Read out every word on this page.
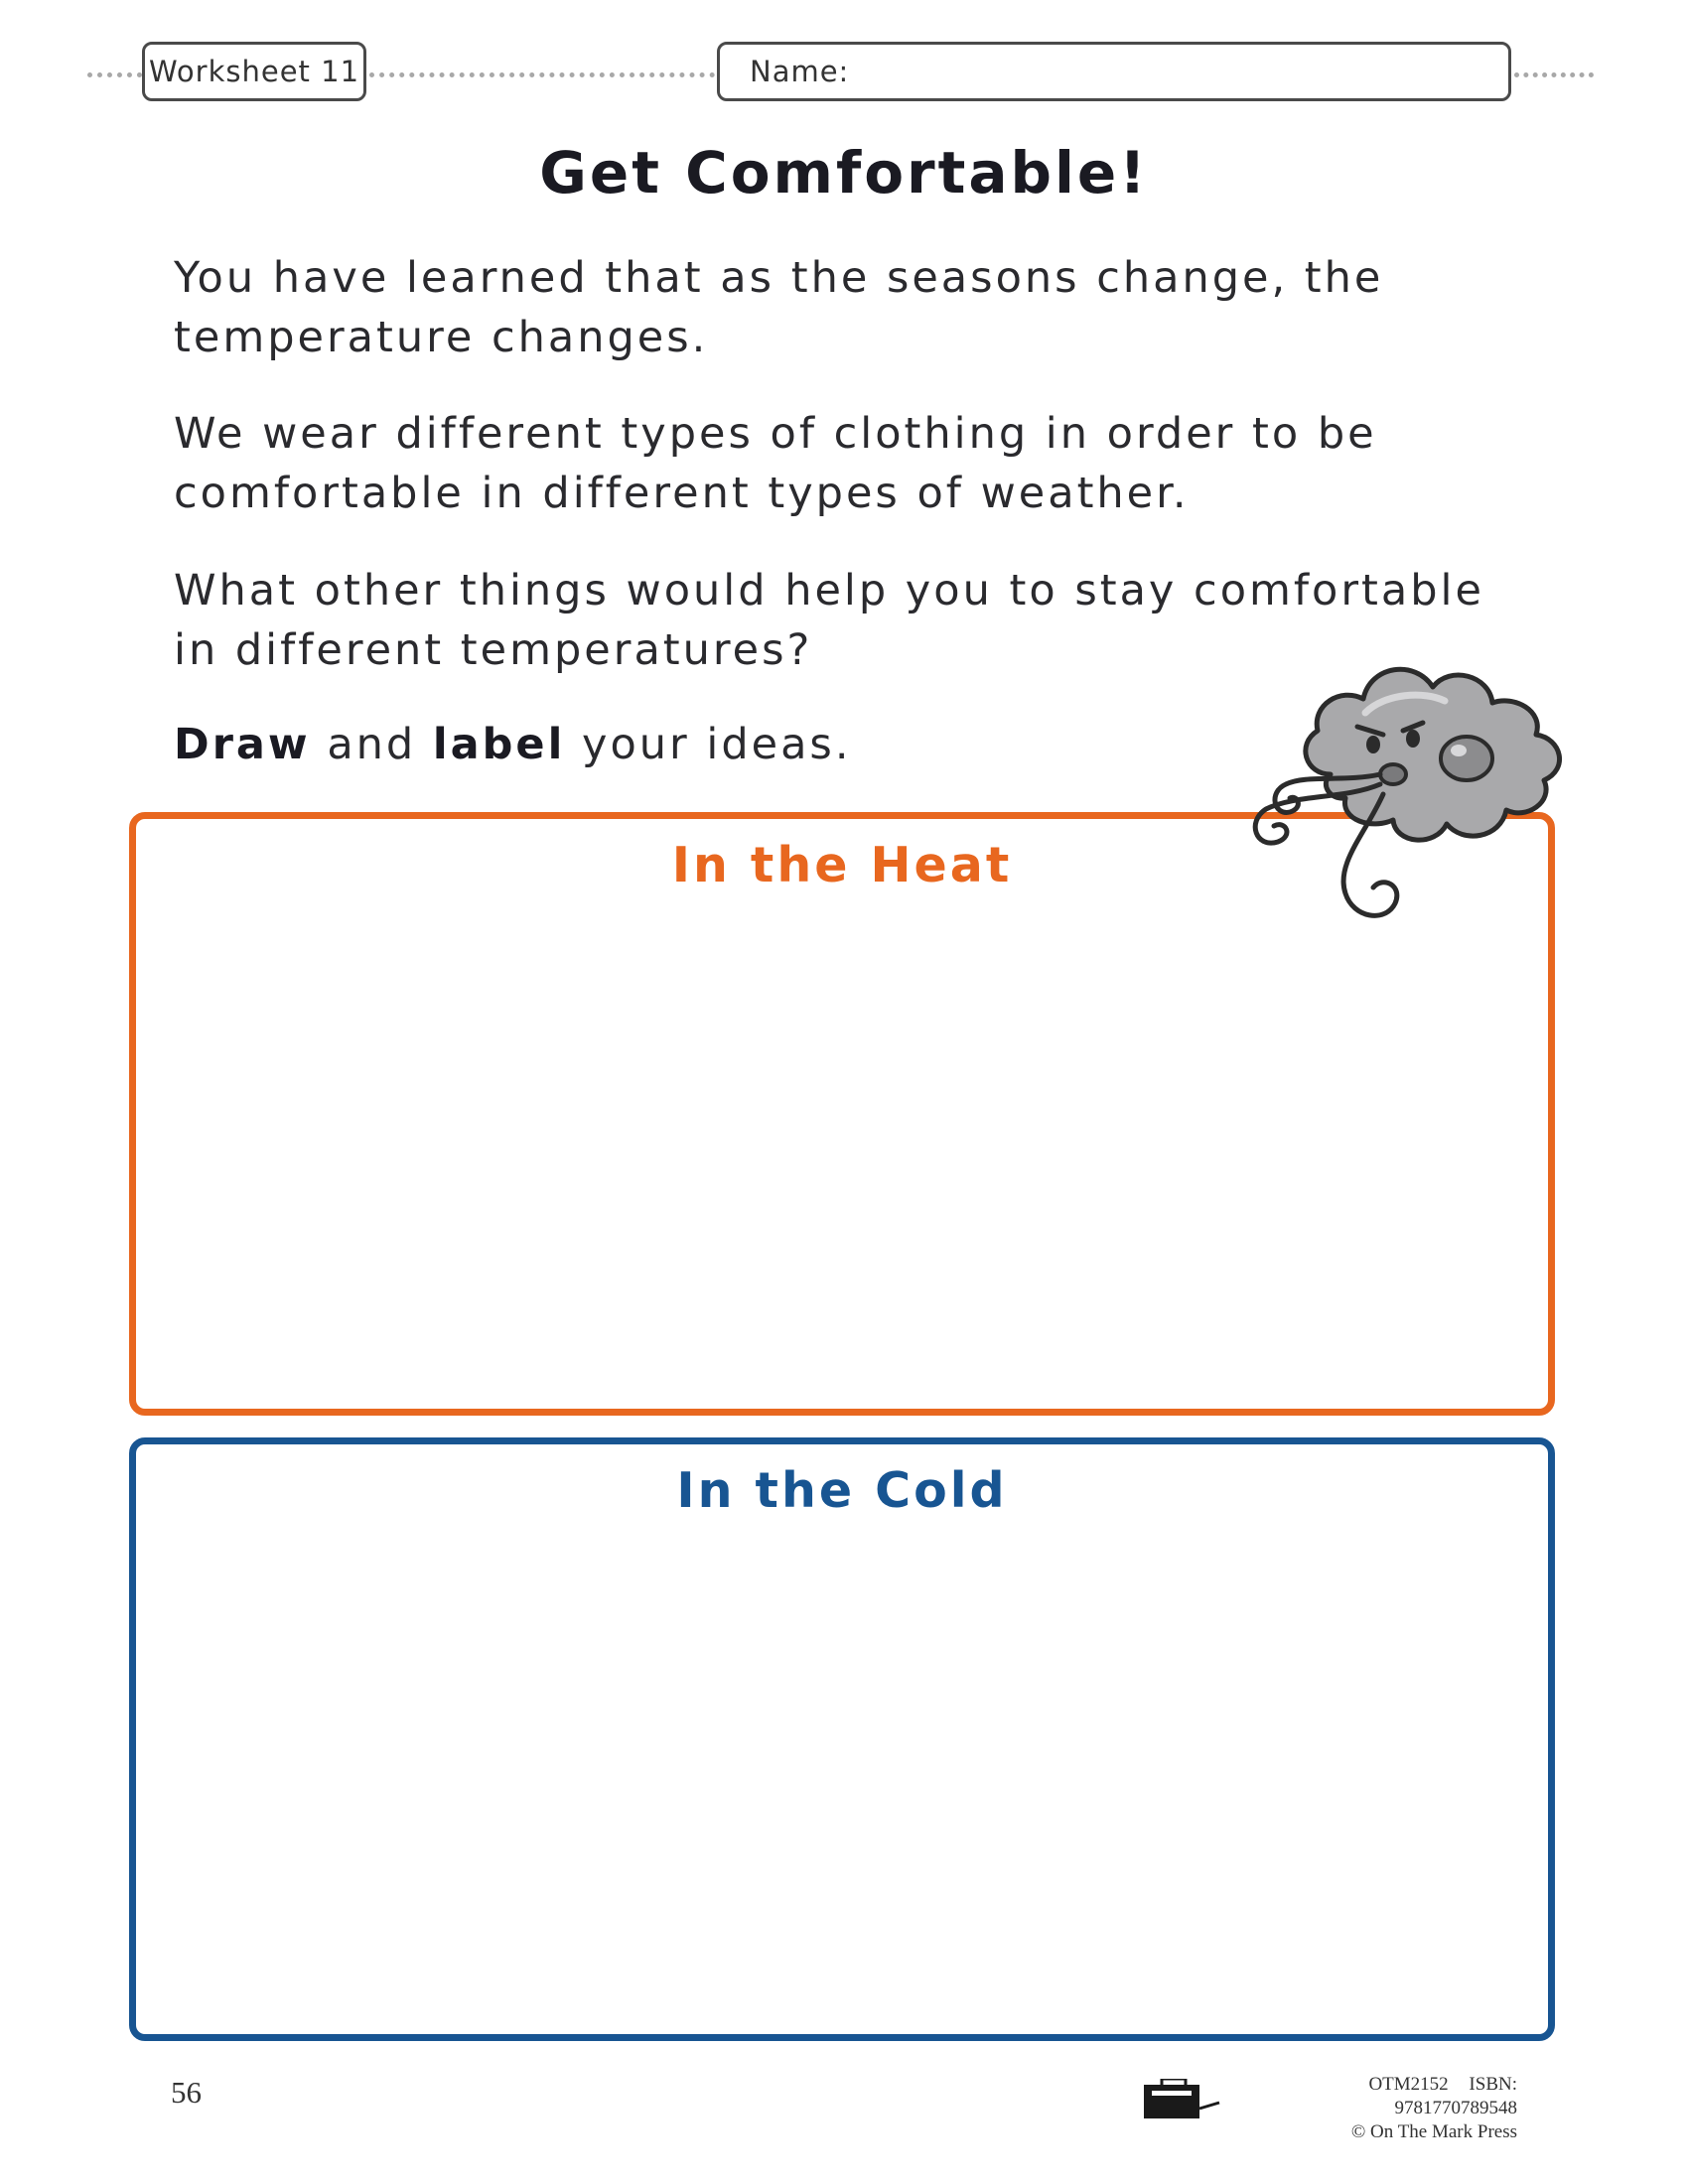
Worksheet 11	Name:
Get Comfortable!

You have learned that as the seasons change, the temperature changes.

We wear different types of clothing in order to be comfortable in different types of weather.

What other things would help you to stay comfortable in different temperatures?

Draw and label your ideas.

In the Heat
In the Cold
56	OTM2152 ISBN: 9781770789548
© On The Mark Press
